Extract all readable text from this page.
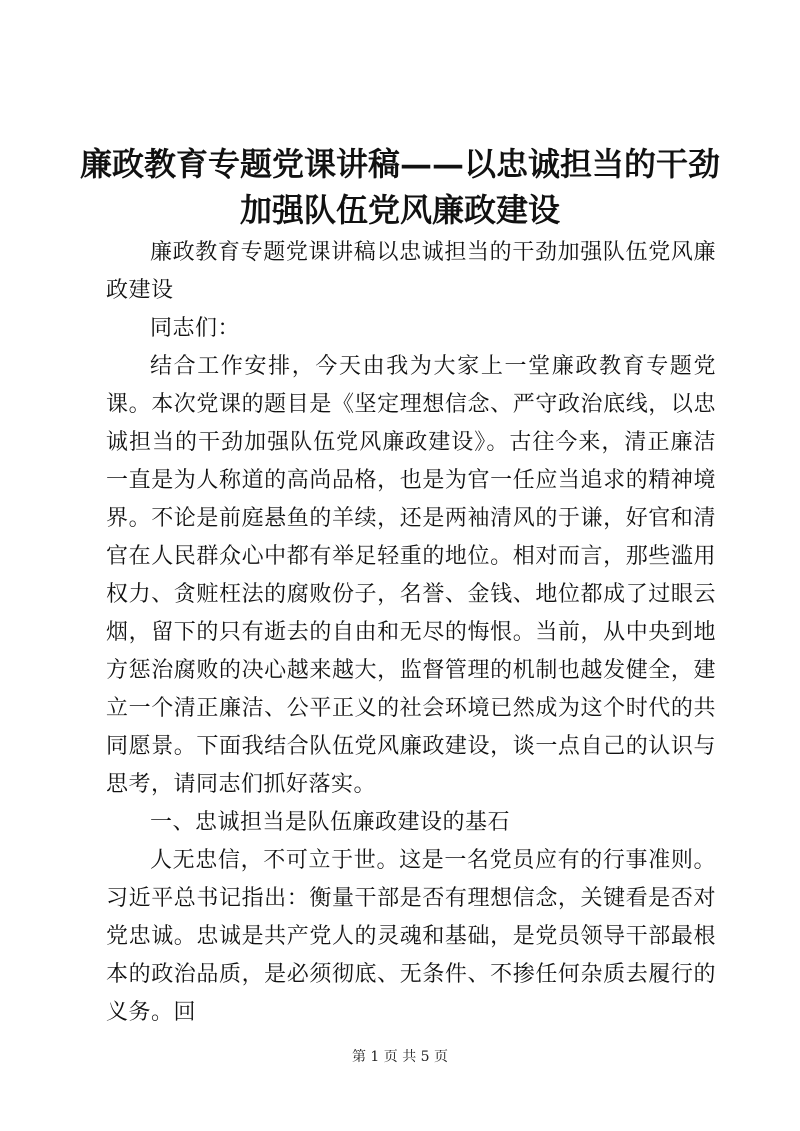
廉政教育专题党课讲稿——以忠诚担当的干劲
加强队伍党风廉政建设
廉政教育专题党课讲稿以忠诚担当的干劲加强队伍党风廉政建设
同志们：
结合工作安排，今天由我为大家上一堂廉政教育专题党课。本次党课的题目是《坚定理想信念、严守政治底线，以忠诚担当的干劲加强队伍党风廉政建设》。古往今来，清正廉洁一直是为人称道的高尚品格，也是为官一任应当追求的精神境界。不论是前庭悬鱼的羊续，还是两袖清风的于谦，好官和清官在人民群众心中都有举足轻重的地位。相对而言，那些滥用权力、贪赃枉法的腐败份子，名誉、金钱、地位都成了过眼云烟，留下的只有逝去的自由和无尽的悔恨。当前，从中央到地方惩治腐败的决心越来越大，监督管理的机制也越发健全，建立一个清正廉洁、公平正义的社会环境已然成为这个时代的共同愿景。下面我结合队伍党风廉政建设，谈一点自己的认识与思考，请同志们抓好落实。
一、忠诚担当是队伍廉政建设的基石
人无忠信，不可立于世。这是一名党员应有的行事准则。习近平总书记指出：衡量干部是否有理想信念，关键看是否对党忠诚。忠诚是共产党人的灵魂和基础，是党员领导干部最根本的政治品质，是必须彻底、无条件、不掺任何杂质去履行的义务。回
第 1 页 共 5 页
